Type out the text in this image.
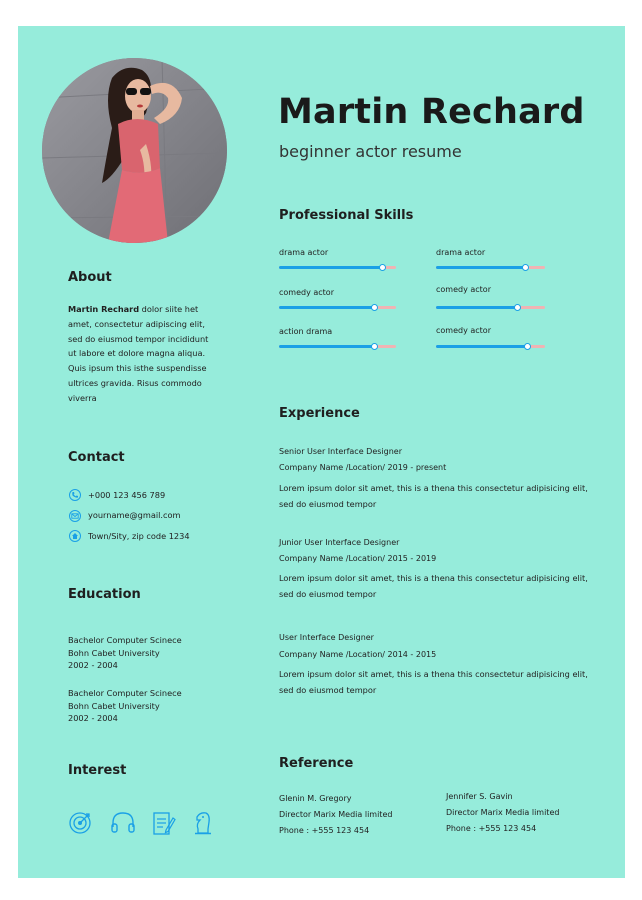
Martin Rechard
beginner actor resume
About
Martin Rechard dolor siite het amet, consectetur adipiscing elit, sed do eiusmod tempor incididunt ut labore et dolore magna aliqua. Quis ipsum this isthe suspendisse ultrices gravida. Risus commodo viverra
Contact
+000 123 456 789
yourname@gmail.com
Town/Sity, zip code 1234
Education
Bachelor Computer Scinece
Bohn Cabet University
2002 - 2004
Bachelor Computer Scinece
Bohn Cabet University
2002 - 2004
Interest
Professional Skills
drama actor	drama actor
comedy actor	comedy actor
action drama	comedy actor
Experience
Senior User Interface Designer
Company Name /Location/ 2019 - present
Lorem ipsum dolor sit amet, this is a thena this consectetur adipisicing elit, sed do eiusmod tempor
Junior User Interface Designer
Company Name /Location/ 2015 - 2019
Lorem ipsum dolor sit amet, this is a thena this consectetur adipisicing elit, sed do eiusmod tempor
User Interface Designer
Company Name /Location/ 2014 - 2015
Lorem ipsum dolor sit amet, this is a thena this consectetur adipisicing elit, sed do eiusmod tempor
Reference
Glenin M. Gregory
Director Marix Media limited
Phone : +555 123 454
Jennifer S. Gavin
Director Marix Media limited
Phone : +555 123 454
